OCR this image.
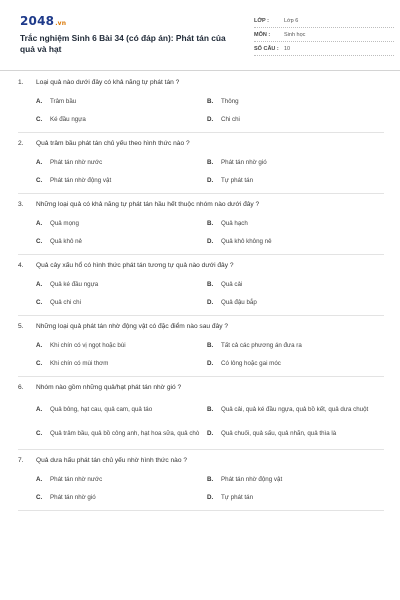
2048.vn
Trắc nghiệm Sinh 6 Bài 34 (có đáp án): Phát tán của quả và hạt
LỚP :	Lớp 6
MÔN :	Sinh học
SỐ CÂU : 10
1.	Loại quả nào dưới đây có khả năng tự phát tán ?
A.	Trâm bầu	B.	Thông
C.	Ké đầu ngựa	D.	Chi chi
2.	Quả trâm bầu phát tán chủ yếu theo hình thức nào ?
A.	Phát tán nhờ nước	B.	Phát tán nhờ gió
C.	Phát tán nhờ động vật	D.	Tự phát tán
3.	Những loại quả có khả năng tự phát tán hầu hết thuộc nhóm nào dưới đây ?
A.	Quả mọng	B.	Quả hạch
C.	Quả khô nẻ	D.	Quả khô không nẻ
4.	Quả cây xấu hổ có hình thức phát tán tương tự quả nào dưới đây ?
A.	Quả ké đầu ngựa	B.	Quả cải
C.	Quả chi chi	D.	Quả đậu bắp
5.	Những loại quả phát tán nhờ động vật có đặc điểm nào sau đây ?
A.	Khi chín có vị ngọt hoặc bùi	B.	Tất cả các phương án đưa ra
C.	Khi chín có mùi thơm	D.	Có lông hoặc gai móc
6.	Nhóm nào gồm những quả/hạt phát tán nhờ gió ?
A.	Quả bông, hạt cau, quả cam, quả táo	B.	Quả cải, quả ké đầu ngựa, quả bồ kết, quả dưa chuột
C.	Quả trâm bầu, quả bồ công anh, hạt hoa sữa, quả chò	D.	Quả chuối, quả sấu, quả nhãn, quả thìa là
7.	Quả dưa hấu phát tán chủ yếu nhờ hình thức nào ?
A.	Phát tán nhờ nước	B.	Phát tán nhờ động vật
C.	Phát tán nhờ gió	D.	Tự phát tán
